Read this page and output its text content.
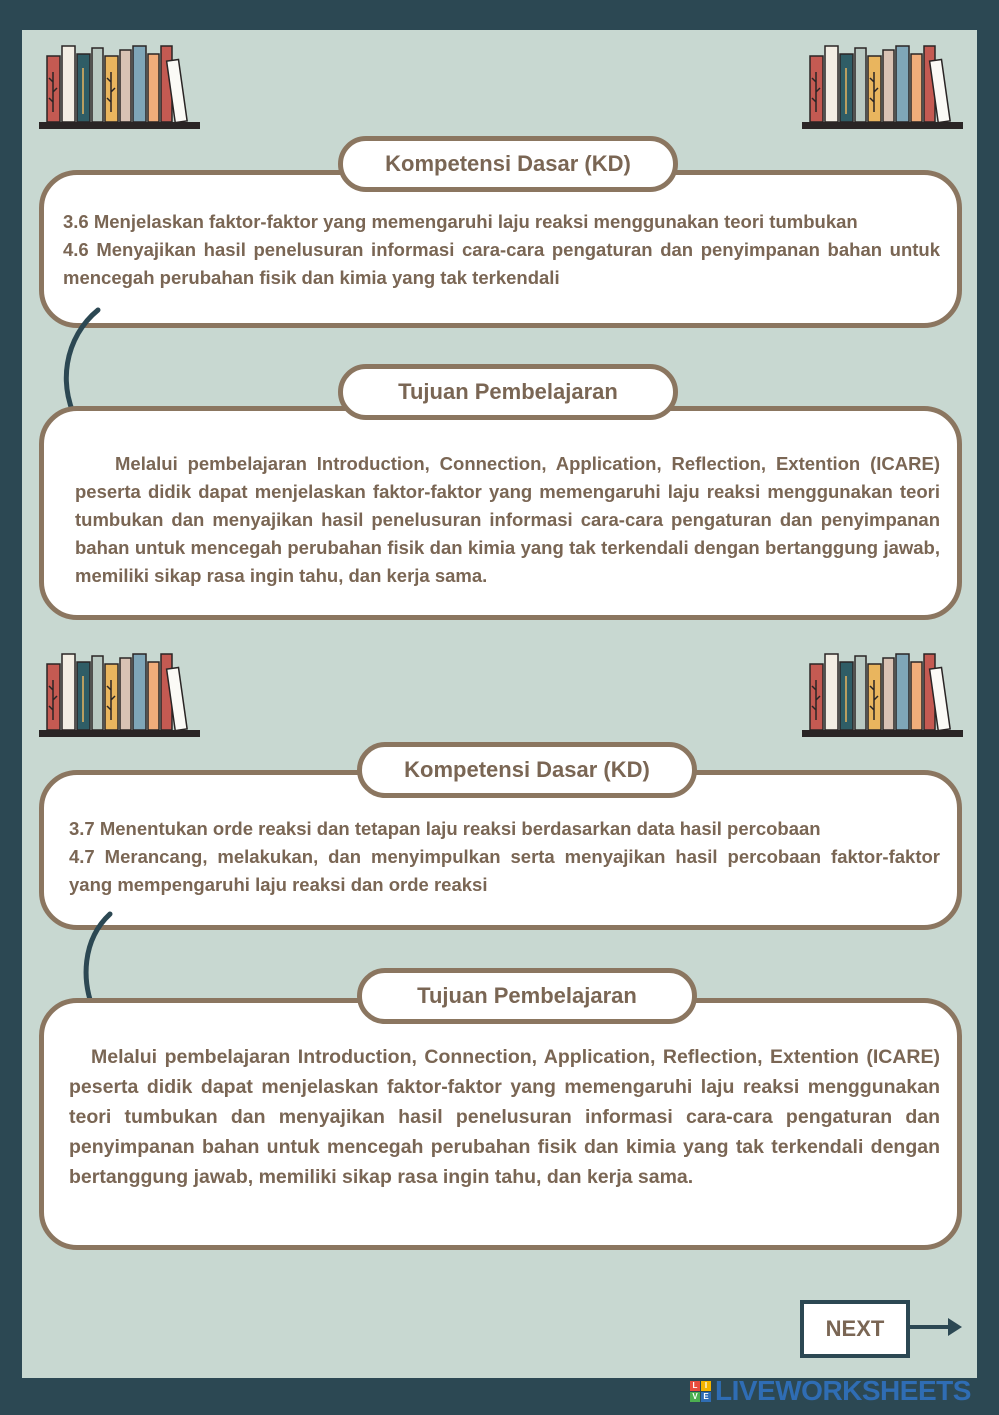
Kompetensi Dasar (KD)

3.6 Menjelaskan faktor-faktor yang memengaruhi laju reaksi menggunakan teori tumbukan

4.6 Menyajikan hasil penelusuran informasi cara-cara pengaturan dan penyimpanan bahan untuk mencegah perubahan fisik dan kimia yang tak terkendali

Tujuan Pembelajaran
Melalui pembelajaran Introduction, Connection, Application, Reflection, Extention (ICARE) peserta didik dapat menjelaskan faktor-faktor yang memengaruhi laju reaksi menggunakan teori tumbukan dan menyajikan hasil penelusuran informasi cara-cara pengaturan dan penyimpanan bahan untuk mencegah perubahan fisik dan kimia yang tak terkendali dengan bertanggung jawab, memiliki sikap rasa ingin tahu, dan kerja sama.
Kompetensi Dasar (KD)

3.7 Menentukan orde reaksi dan tetapan laju reaksi berdasarkan data hasil percobaan

4.7 Merancang, melakukan, dan menyimpulkan serta menyajikan hasil percobaan faktor-faktor yang mempengaruhi laju reaksi dan orde reaksi

Tujuan Pembelajaran
Melalui pembelajaran Introduction, Connection, Application, Reflection, Extention (ICARE) peserta didik dapat menjelaskan faktor-faktor yang memengaruhi laju reaksi menggunakan teori tumbukan dan menyajikan hasil penelusuran informasi cara-cara pengaturan dan penyimpanan bahan untuk mencegah perubahan fisik dan kimia yang tak terkendali dengan bertanggung jawab, memiliki sikap rasa ingin tahu, dan kerja sama.
NEXT
L I
V E LIVEWORKSHEETS
